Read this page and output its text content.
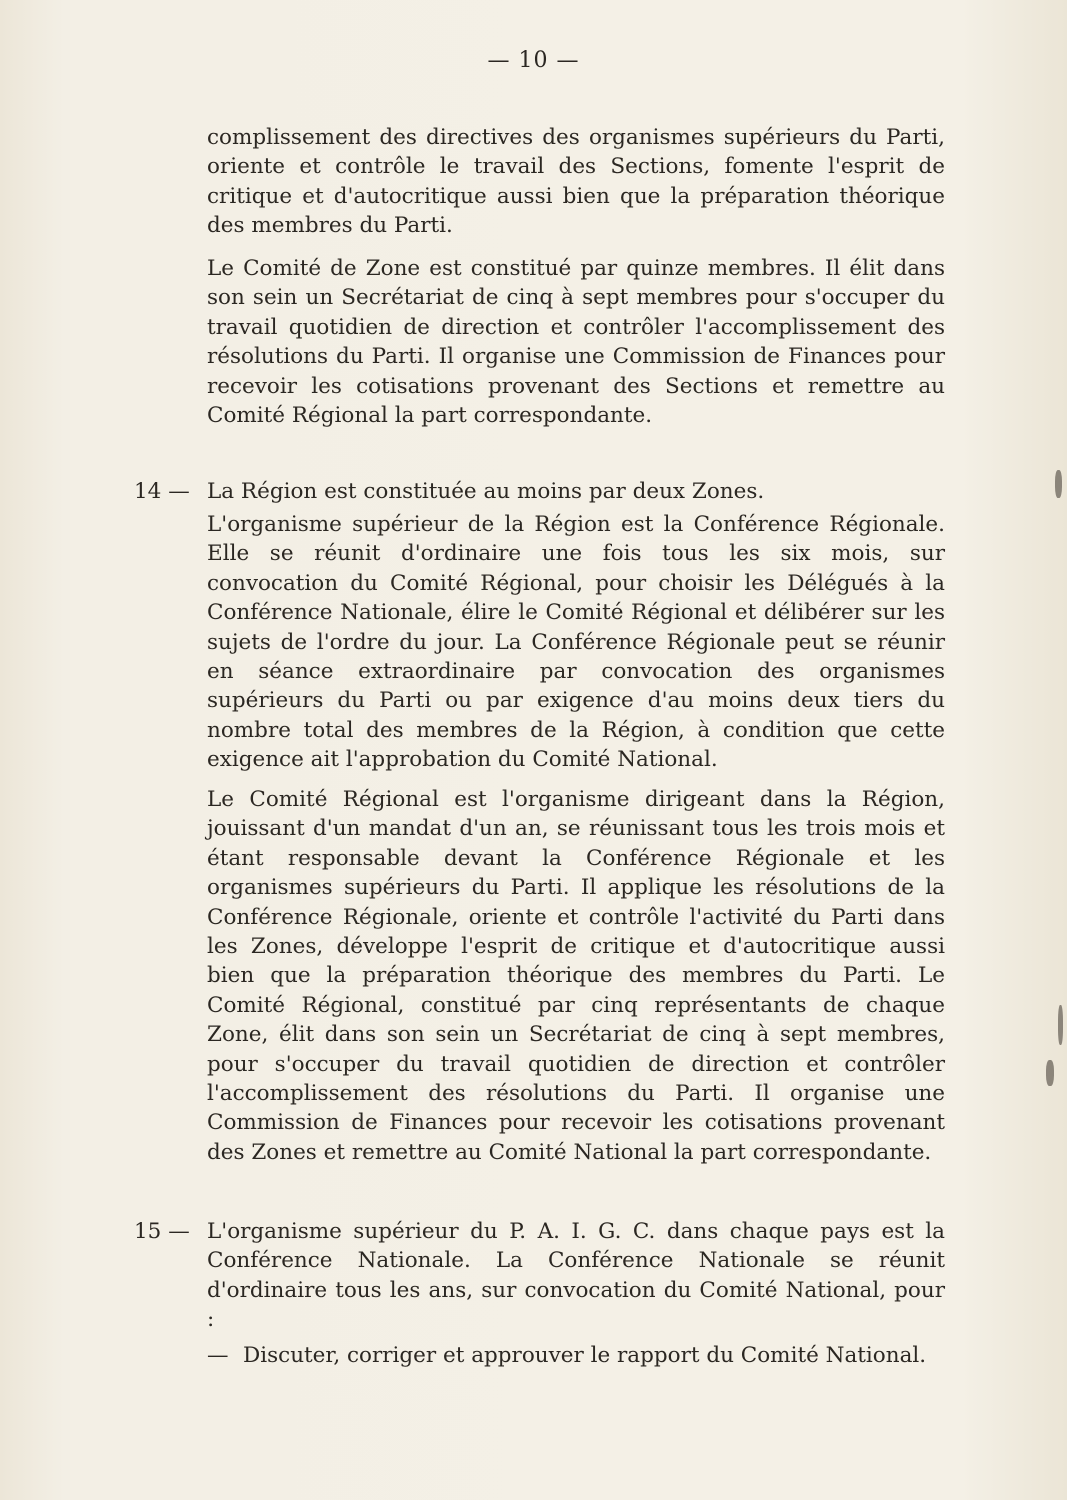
— 10 —

complissement des directives des organismes supérieurs du Parti, oriente et contrôle le travail des Sections, fomente l'esprit de critique et d'autocritique aussi bien que la préparation théorique des membres du Parti.

Le Comité de Zone est constitué par quinze membres. Il élit dans son sein un Secrétariat de cinq à sept membres pour s'occuper du travail quotidien de direction et contrôler l'accomplissement des résolutions du Parti. Il organise une Commission de Finances pour recevoir les cotisations provenant des Sections et remettre au Comité Régional la part correspondante.

14 — La Région est constituée au moins par deux Zones.

L'organisme supérieur de la Région est la Conférence Régionale. Elle se réunit d'ordinaire une fois tous les six mois, sur convocation du Comité Régional, pour choisir les Délégués à la Conférence Nationale, élire le Comité Régional et délibérer sur les sujets de l'ordre du jour. La Conférence Régionale peut se réunir en séance extraordinaire par convocation des organismes supérieurs du Parti ou par exigence d'au moins deux tiers du nombre total des membres de la Région, à condition que cette exigence ait l'approbation du Comité National.

Le Comité Régional est l'organisme dirigeant dans la Région, jouissant d'un mandat d'un an, se réunissant tous les trois mois et étant responsable devant la Conférence Régionale et les organismes supérieurs du Parti. Il applique les résolutions de la Conférence Régionale, oriente et contrôle l'activité du Parti dans les Zones, développe l'esprit de critique et d'autocritique aussi bien que la préparation théorique des membres du Parti. Le Comité Régional, constitué par cinq représentants de chaque Zone, élit dans son sein un Secrétariat de cinq à sept membres, pour s'occuper du travail quotidien de direction et contrôler l'accomplissement des résolutions du Parti. Il organise une Commission de Finances pour recevoir les cotisations provenant des Zones et remettre au Comité National la part correspondante.

15 — L'organisme supérieur du P. A. I. G. C. dans chaque pays est la Conférence Nationale. La Conférence Nationale se réunit d'ordinaire tous les ans, sur convocation du Comité National, pour :

— Discuter, corriger et approuver le rapport du Comité National.
